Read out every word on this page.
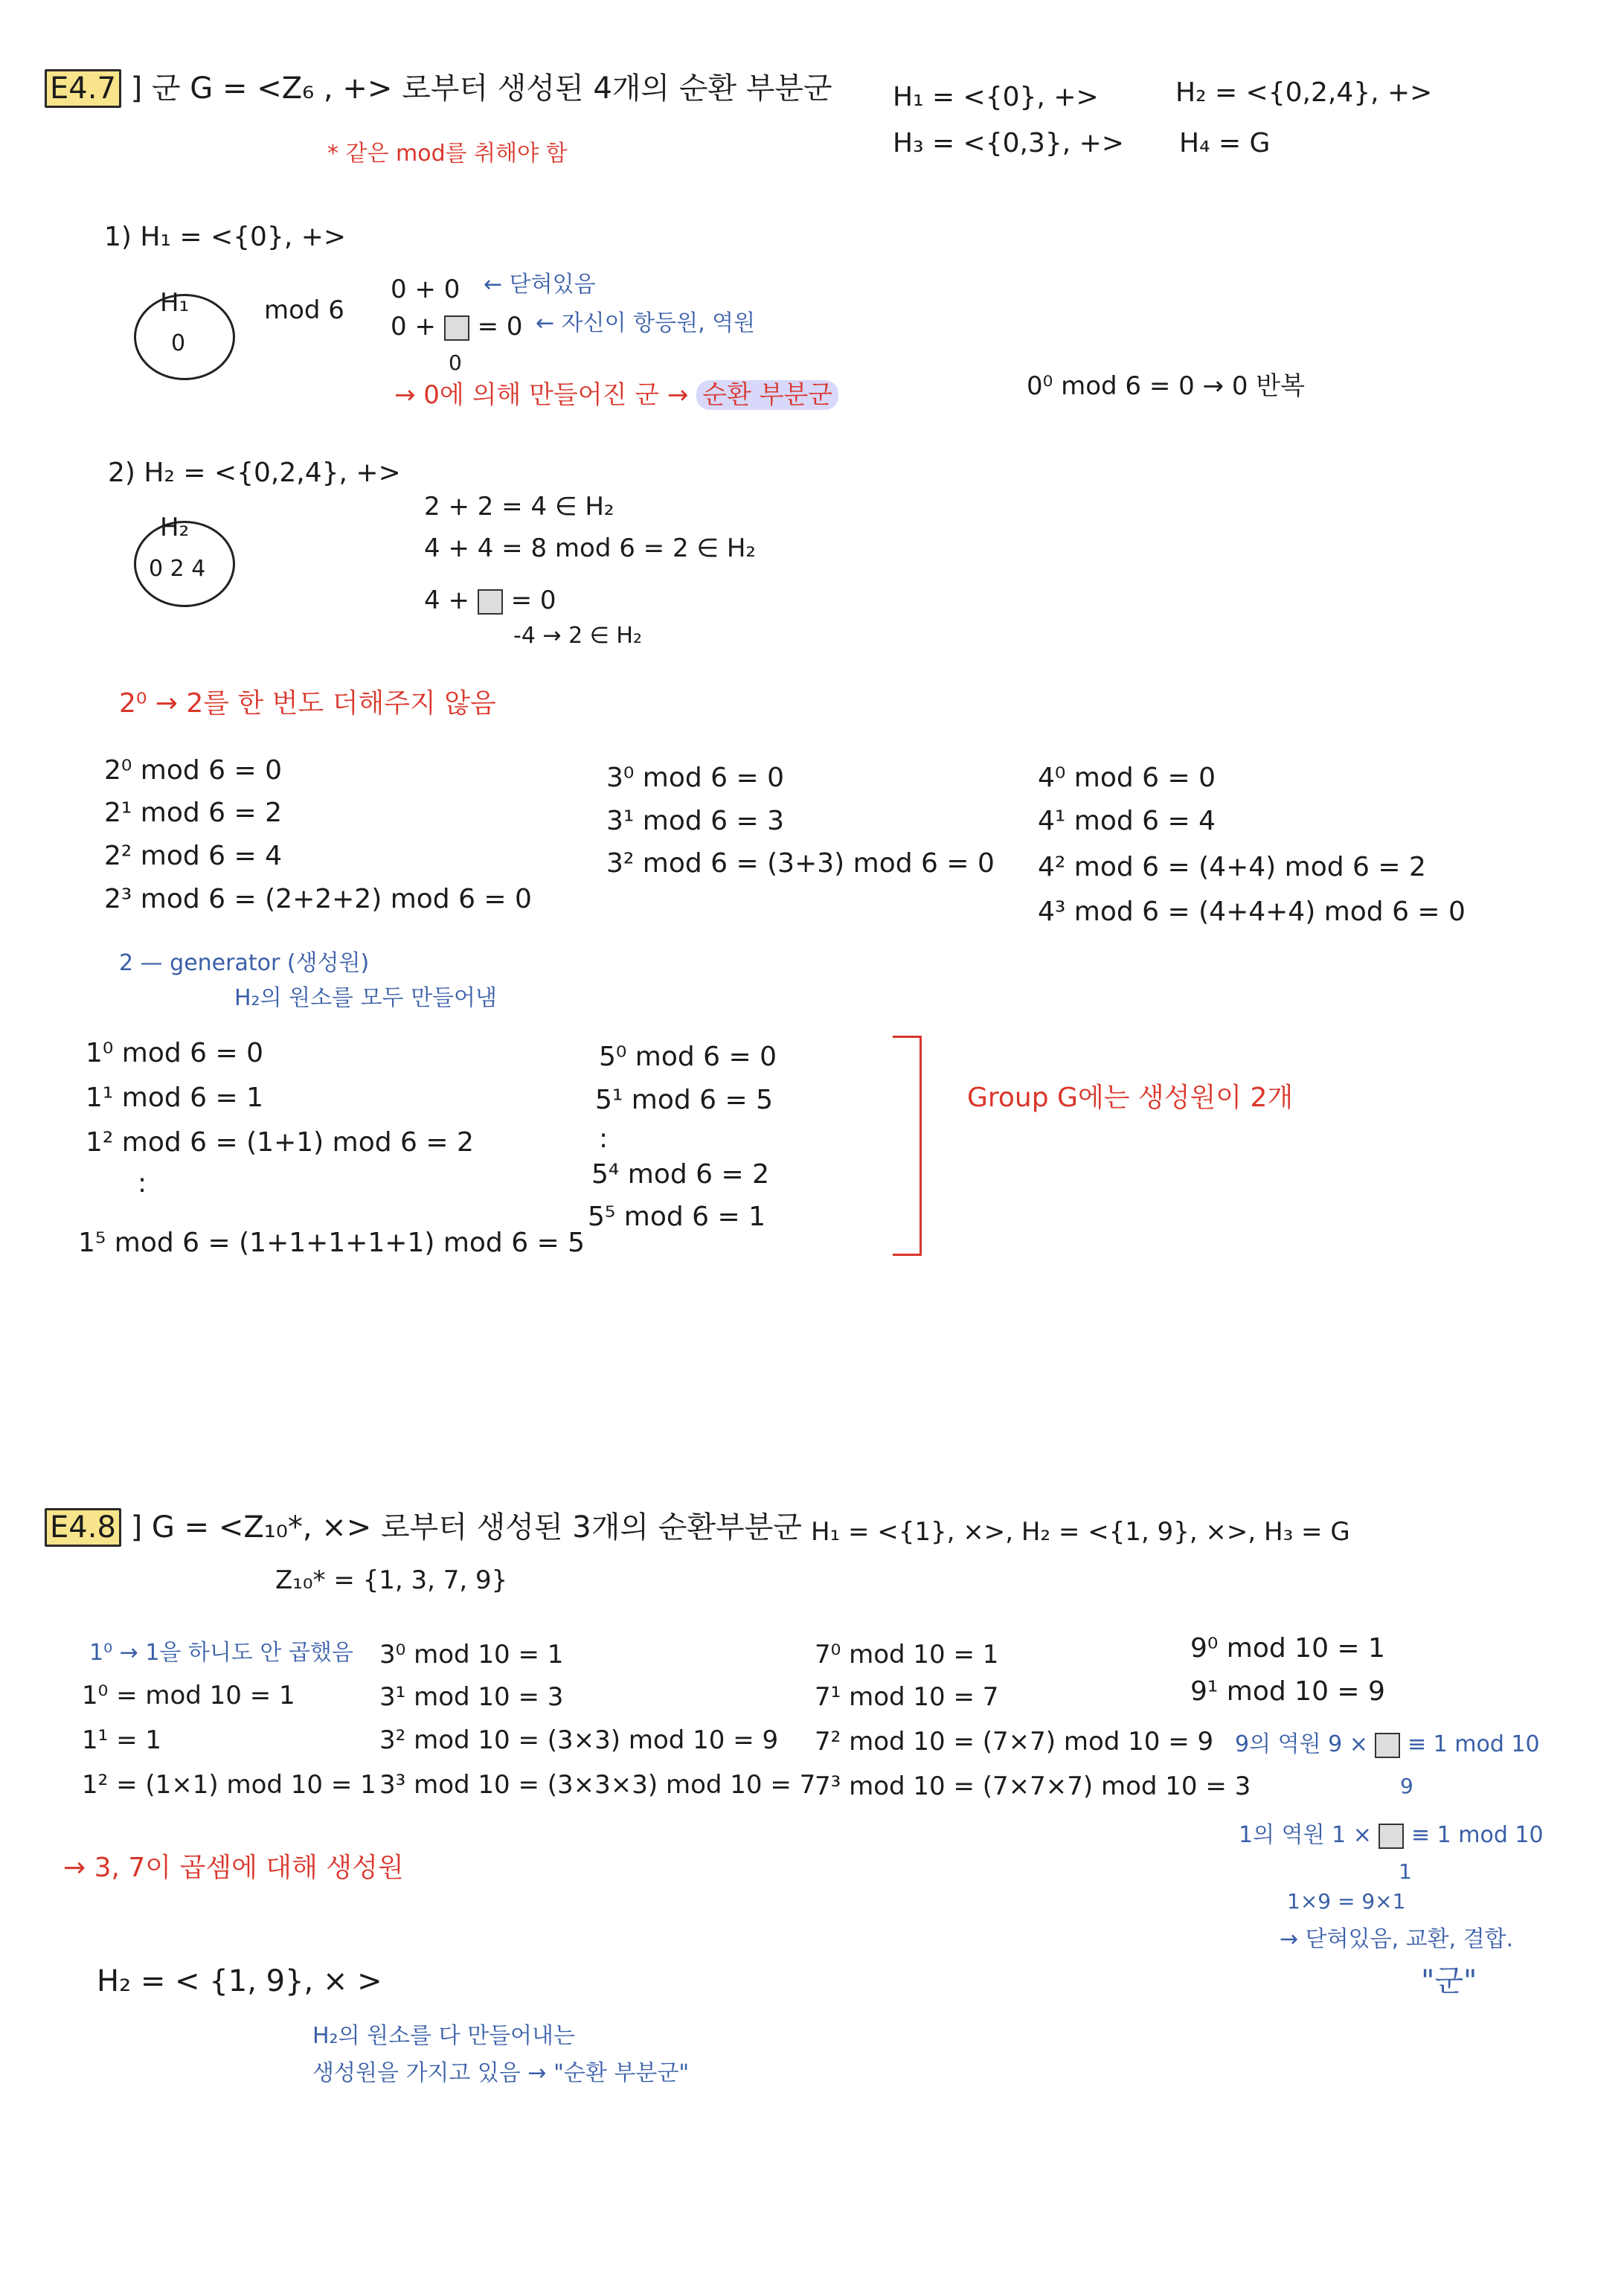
E4.7 ] 군 G = <Z₆ , +> 로부터 생성된 4개의 순환 부분군 H₁ = <{0}, +>	H₂ = <{0,2,4}, +>
H₃ = <{0,3}, +> H₄ = G
* 같은 mod를 취해야 함
1) H₁ = <{0}, +>
H₁
0
mod 6
0 + 0 ← 닫혀있음
0 + = 0 ← 자신이 항등원, 역원
0
→ 0에 의해 만들어진 군 → 순환 부분군	0⁰ mod 6 = 0 → 0 반복
2) H₂ = <{0,2,4}, +>
H₂
0 2 4
2 + 2 = 4 ∈ H₂
4 + 4 = 8 mod 6 = 2 ∈ H₂
4 + = 0
-4 → 2 ∈ H₂
2⁰ → 2를 한 번도 더해주지 않음
2⁰ mod 6 = 0
2¹ mod 6 = 2
2² mod 6 = 4
2³ mod 6 = (2+2+2) mod 6 = 0
3⁰ mod 6 = 0
3¹ mod 6 = 3
3² mod 6 = (3+3) mod 6 = 0
4⁰ mod 6 = 0
4¹ mod 6 = 4
4² mod 6 = (4+4) mod 6 = 2
4³ mod 6 = (4+4+4) mod 6 = 0
2 — generator (생성원)
H₂의 원소를 모두 만들어냄
1⁰ mod 6 = 0
1¹ mod 6 = 1
1² mod 6 = (1+1) mod 6 = 2
:
1⁵ mod 6 = (1+1+1+1+1) mod 6 = 5
5⁰ mod 6 = 0
5¹ mod 6 = 5
:
5⁴ mod 6 = 2
5⁵ mod 6 = 1
Group G에는 생성원이 2개
E4.8 ] G = <Z₁₀*, ×> 로부터 생성된 3개의 순환부분군 H₁ = <{1}, ×>, H₂ = <{1, 9}, ×>, H₃ = G
Z₁₀* = {1, 3, 7, 9}
1⁰ → 1을 하니도 안 곱했음
1⁰ = mod 10 = 1
1¹ = 1
1² = (1×1) mod 10 = 1
3⁰ mod 10 = 1
3¹ mod 10 = 3
3² mod 10 = (3×3) mod 10 = 9
3³ mod 10 = (3×3×3) mod 10 = 7
7⁰ mod 10 = 1
7¹ mod 10 = 7
7² mod 10 = (7×7) mod 10 = 9
7³ mod 10 = (7×7×7) mod 10 = 3
9⁰ mod 10 = 1
9¹ mod 10 = 9
9의 역원 9 × ≡ 1 mod 10
9
1의 역원 1 × ≡ 1 mod 10
1
1×9 = 9×1
→ 닫혀있음, 교환, 결합.
"군"
→ 3, 7이 곱셈에 대해 생성원
H₂ = < {1, 9}, × >
H₂의 원소를 다 만들어내는
생성원을 가지고 있음 → "순환 부분군"
